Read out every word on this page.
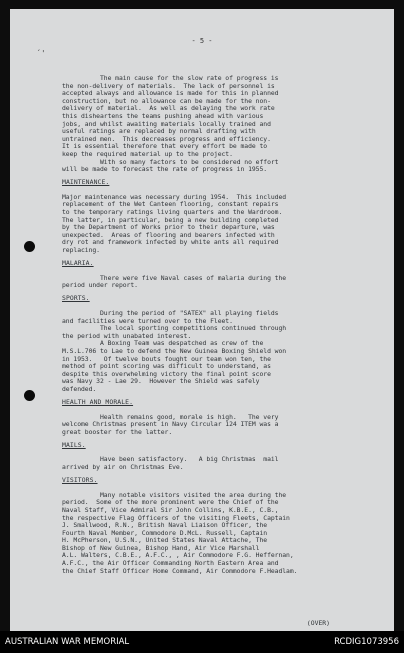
- 5 -
´'
The main cause for the slow rate of progress is
the non-delivery of materials.  The lack of personnel is
accepted always and allowance is made for this in planned
construction, but no allowance can be made for the non-
delivery of material.  As well as delaying the work rate
this disheartens the teams pushing ahead with various
jobs, and whilst awaiting materials locally trained and
useful ratings are replaced by normal drafting with
untrained men.  This decreases progress and efficiency.
It is essential therefore that every effort be made to
keep the required material up to the project.
With so many factors to be considered no effort
will be made to forecast the rate of progress in 1955.
MAINTENANCE.
Major maintenance was necessary during 1954.  This included
replacement of the Wet Canteen flooring, constant repairs
to the temporary ratings living quarters and the Wardroom.
The latter, in particular, being a new building completed
by the Department of Works prior to their departure, was
unexpected.  Areas of flooring and bearers infected with
dry rot and framework infected by white ants all required
replacing.
MALARIA.
There were five Naval cases of malaria during the
period under report.
SPORTS.
During the period of "SATEX" all playing fields
and facilities were turned over to the Fleet.
The local sporting competitions continued through
the period with unabated interest.
A Boxing Team was despatched as crew of the
M.S.L.706 to Lae to defend the New Guinea Boxing Shield won
in 1953.   Of twelve bouts fought our team won ten, the
method of point scoring was difficult to understand, as
despite this overwhelming victory the final point score
was Navy 32 - Lae 29.  However the Shield was safely
defended.
HEALTH AND MORALE.
Health remains good, morale is high.   The very
welcome Christmas present in Navy Circular 124 ITEM was a
great booster for the latter.
MAILS.
Have been satisfactory.   A big Christmas  mail
arrived by air on Christmas Eve.
VISITORS.
Many notable visitors visited the area during the
period.  Some of the more prominent were the Chief of the
Naval Staff, Vice Admiral Sir John Collins, K.B.E., C.B.,
the respective Flag Officers of the visiting Fleets, Captain
J. Smallwood, R.N., British Naval Liaison Officer, the
Fourth Naval Member, Commodore D.McL. Russell, Captain
H. McPherson, U.S.N., United States Naval Attache, The
Bishop of New Guinea, Bishop Hand, Air Vice Marshall
A.L. Walters, C.B.E., A.F.C., , Air Commodore F.G. Heffernan,
A.F.C., the Air Officer Commanding North Eastern Area and
the Chief Staff Officer Home Command, Air Commodore F.Headlam.
(OVER)
AUSTRALIAN WAR MEMORIAL	RCDIG1073956
